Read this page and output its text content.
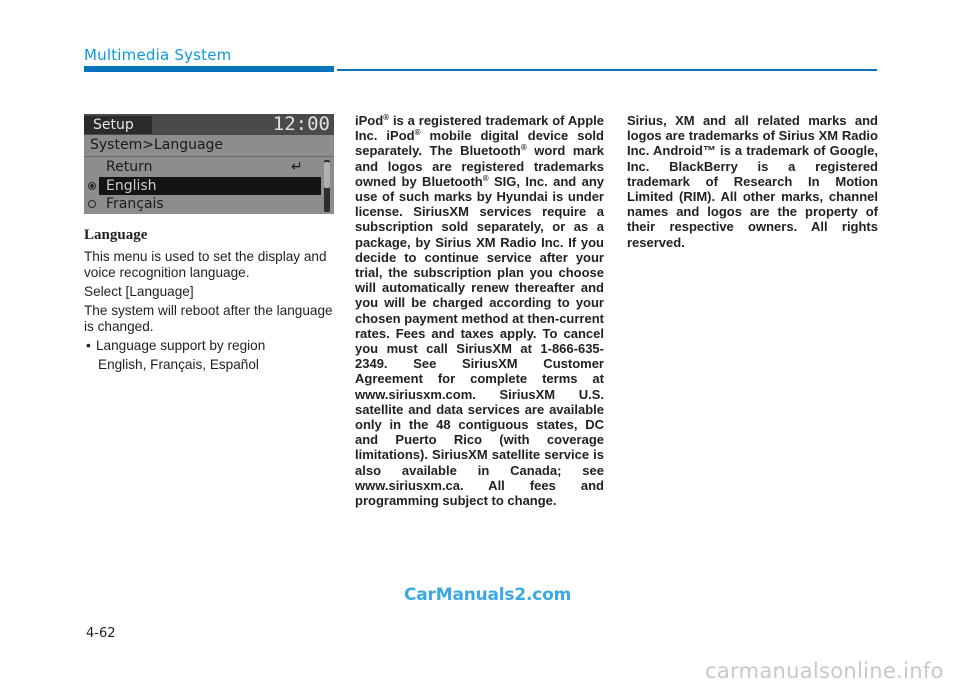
Multimedia System
Setup	12:00
System>Language
Return	↵
English
Français
Language

This menu is used to set the display and voice recognition language.

Select [Language]

The system will reboot after the language is changed.

• Language support by region

English, Français, Español

iPod® is a registered trademark of Apple Inc. iPod® mobile digital device sold separately. The Bluetooth® word mark and logos are registered trademarks owned by Bluetooth® SIG, Inc. and any use of such marks by Hyundai is under license. SiriusXM services require a subscription sold separately, or as a package, by Sirius XM Radio Inc. If you decide to continue service after your trial, the subscription plan you choose will automatically renew thereafter and you will be charged according to your chosen payment method at then-current rates. Fees and taxes apply. To cancel you must call SiriusXM at 1-866-635-2349. See SiriusXM Customer Agreement for complete terms at www.siriusxm.com. SiriusXM U.S. satellite and data services are available only in the 48 contiguous states, DC and Puerto Rico (with coverage limitations). SiriusXM satellite service is also available in Canada; see www.siriusxm.ca. All fees and programming subject to change.
Sirius, XM and all related marks and logos are trademarks of Sirius XM Radio Inc. Android™ is a trademark of Google, Inc. BlackBerry is a registered trademark of Research In Motion Limited (RIM). All other marks, channel names and logos are the property of their respective owners. All rights reserved.
CarManuals2.com
4-62
carmanualsonline.info
